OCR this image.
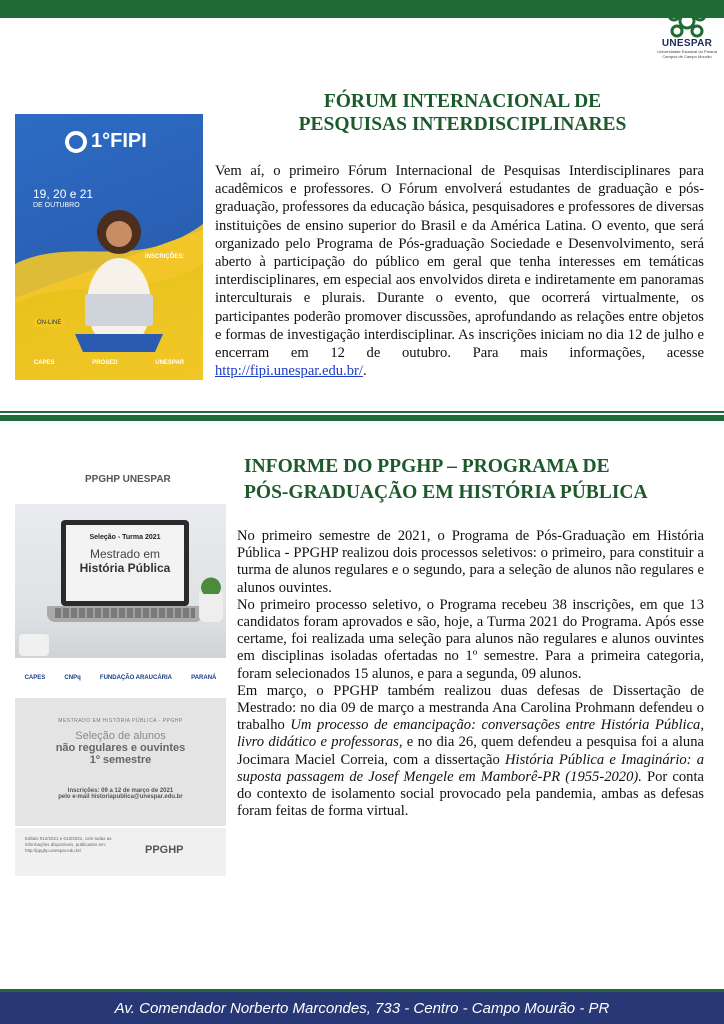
UNESPAR
Universidade Estadual do Paraná
Campus de Campo Mourão
FÓRUM INTERNACIONAL DE
PESQUISAS INTERDISCIPLINARES
1°FIPI
19, 20 e 21
DE OUTUBRO
INSCRIÇÕES:
ON-LINE
CAPES	PROSED	UNESPAR
Vem aí, o primeiro Fórum Internacional de Pesquisas Interdisciplinares para acadêmicos e professores. O Fórum envolverá estudantes de graduação e pós-graduação, professores da educação básica, pesquisadores e professores de diversas instituições de ensino superior do Brasil e da América Latina. O evento, que será organizado pelo Programa de Pós-graduação Sociedade e Desenvolvimento, será aberto à participação do público em geral que tenha interesses em temáticas interdisciplinares, em especial aos envolvidos direta e indiretamente em panoramas interculturais e plurais. Durante o evento, que ocorrerá virtualmente, os participantes poderão promover discussões, aprofundando as relações entre objetos e formas de investigação interdisciplinar. As inscrições iniciam no dia 12 de julho e encerram em 12 de outubro. Para mais informações, acesse http://fipi.unespar.edu.br/.
INFORME DO PPGHP – PROGRAMA DE
PÓS-GRADUAÇÃO EM HISTÓRIA PÚBLICA
PPGHP UNESPAR
Seleção - Turma 2021
Mestrado em
História Pública
CAPES	CNPq	FUNDAÇÃO ARAUCÁRIA	PARANÁ
MESTRADO EM HISTÓRIA PÚBLICA - PPGHP
Seleção de alunos
não regulares e ouvintes
1º semestre
Inscrições: 09 a 12 de março de 2021
pelo e-mail historiapublica@unespar.edu.br
Editais 012/2021 e 013/2021, com todas as informações disponíveis, publicados em: http://ppghp.unespar.edu.br/	PPGHP

No primeiro semestre de 2021, o Programa de Pós-Graduação em História Pública - PPGHP realizou dois processos seletivos: o primeiro, para constituir a turma de alunos regulares e o segundo, para a seleção de alunos não regulares e alunos ouvintes.

No primeiro processo seletivo, o Programa recebeu 38 inscrições, em que 13 candidatos foram aprovados e são, hoje, a Turma 2021 do Programa. Após esse certame, foi realizada uma seleção para alunos não regulares e alunos ouvintes em disciplinas isoladas ofertadas no 1º semestre. Para a primeira categoria, foram selecionados 15 alunos, e para a segunda, 09 alunos.

Em março, o PPGHP também realizou duas defesas de Dissertação de Mestrado: no dia 09 de março a mestranda Ana Carolina Prohmann defendeu o trabalho Um processo de emancipação: conversações entre História Pública, livro didático e professoras, e no dia 26, quem defendeu a pesquisa foi a aluna Jocimara Maciel Correia, com a dissertação História Pública e Imaginário: a suposta passagem de Josef Mengele em Mamborê-PR (1955-2020). Por conta do contexto de isolamento social provocado pela pandemia, ambas as defesas foram feitas de forma virtual.

Av. Comendador Norberto Marcondes, 733 - Centro - Campo Mourão - PR
